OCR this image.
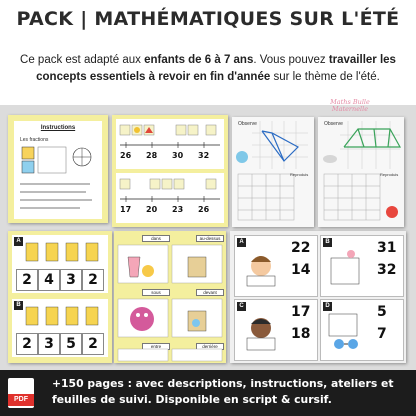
PACK | MATHÉMATIQUES SUR L'ÉTÉ
Ce pack est adapté aux enfants de 6 à 7 ans. Vous pouvez travailler les concepts essentiels à revoir en fin d'année sur le thème de l'été.
Instructions
Les fractions
26 28 30 32
17 20 23 26
Observe
Reproduis
Observe
Reproduis
A
2 4 3 2
B
2 3 5 2
dans	au-dessus
sous	devant
entre	derrière
A	22
14
B	31
32
C	17
18
D	5
7
Maths Bulle Maternelle
PDF
+150 pages : avec descriptions, instructions, ateliers et feuilles de suivi. Disponible en script & cursif.
